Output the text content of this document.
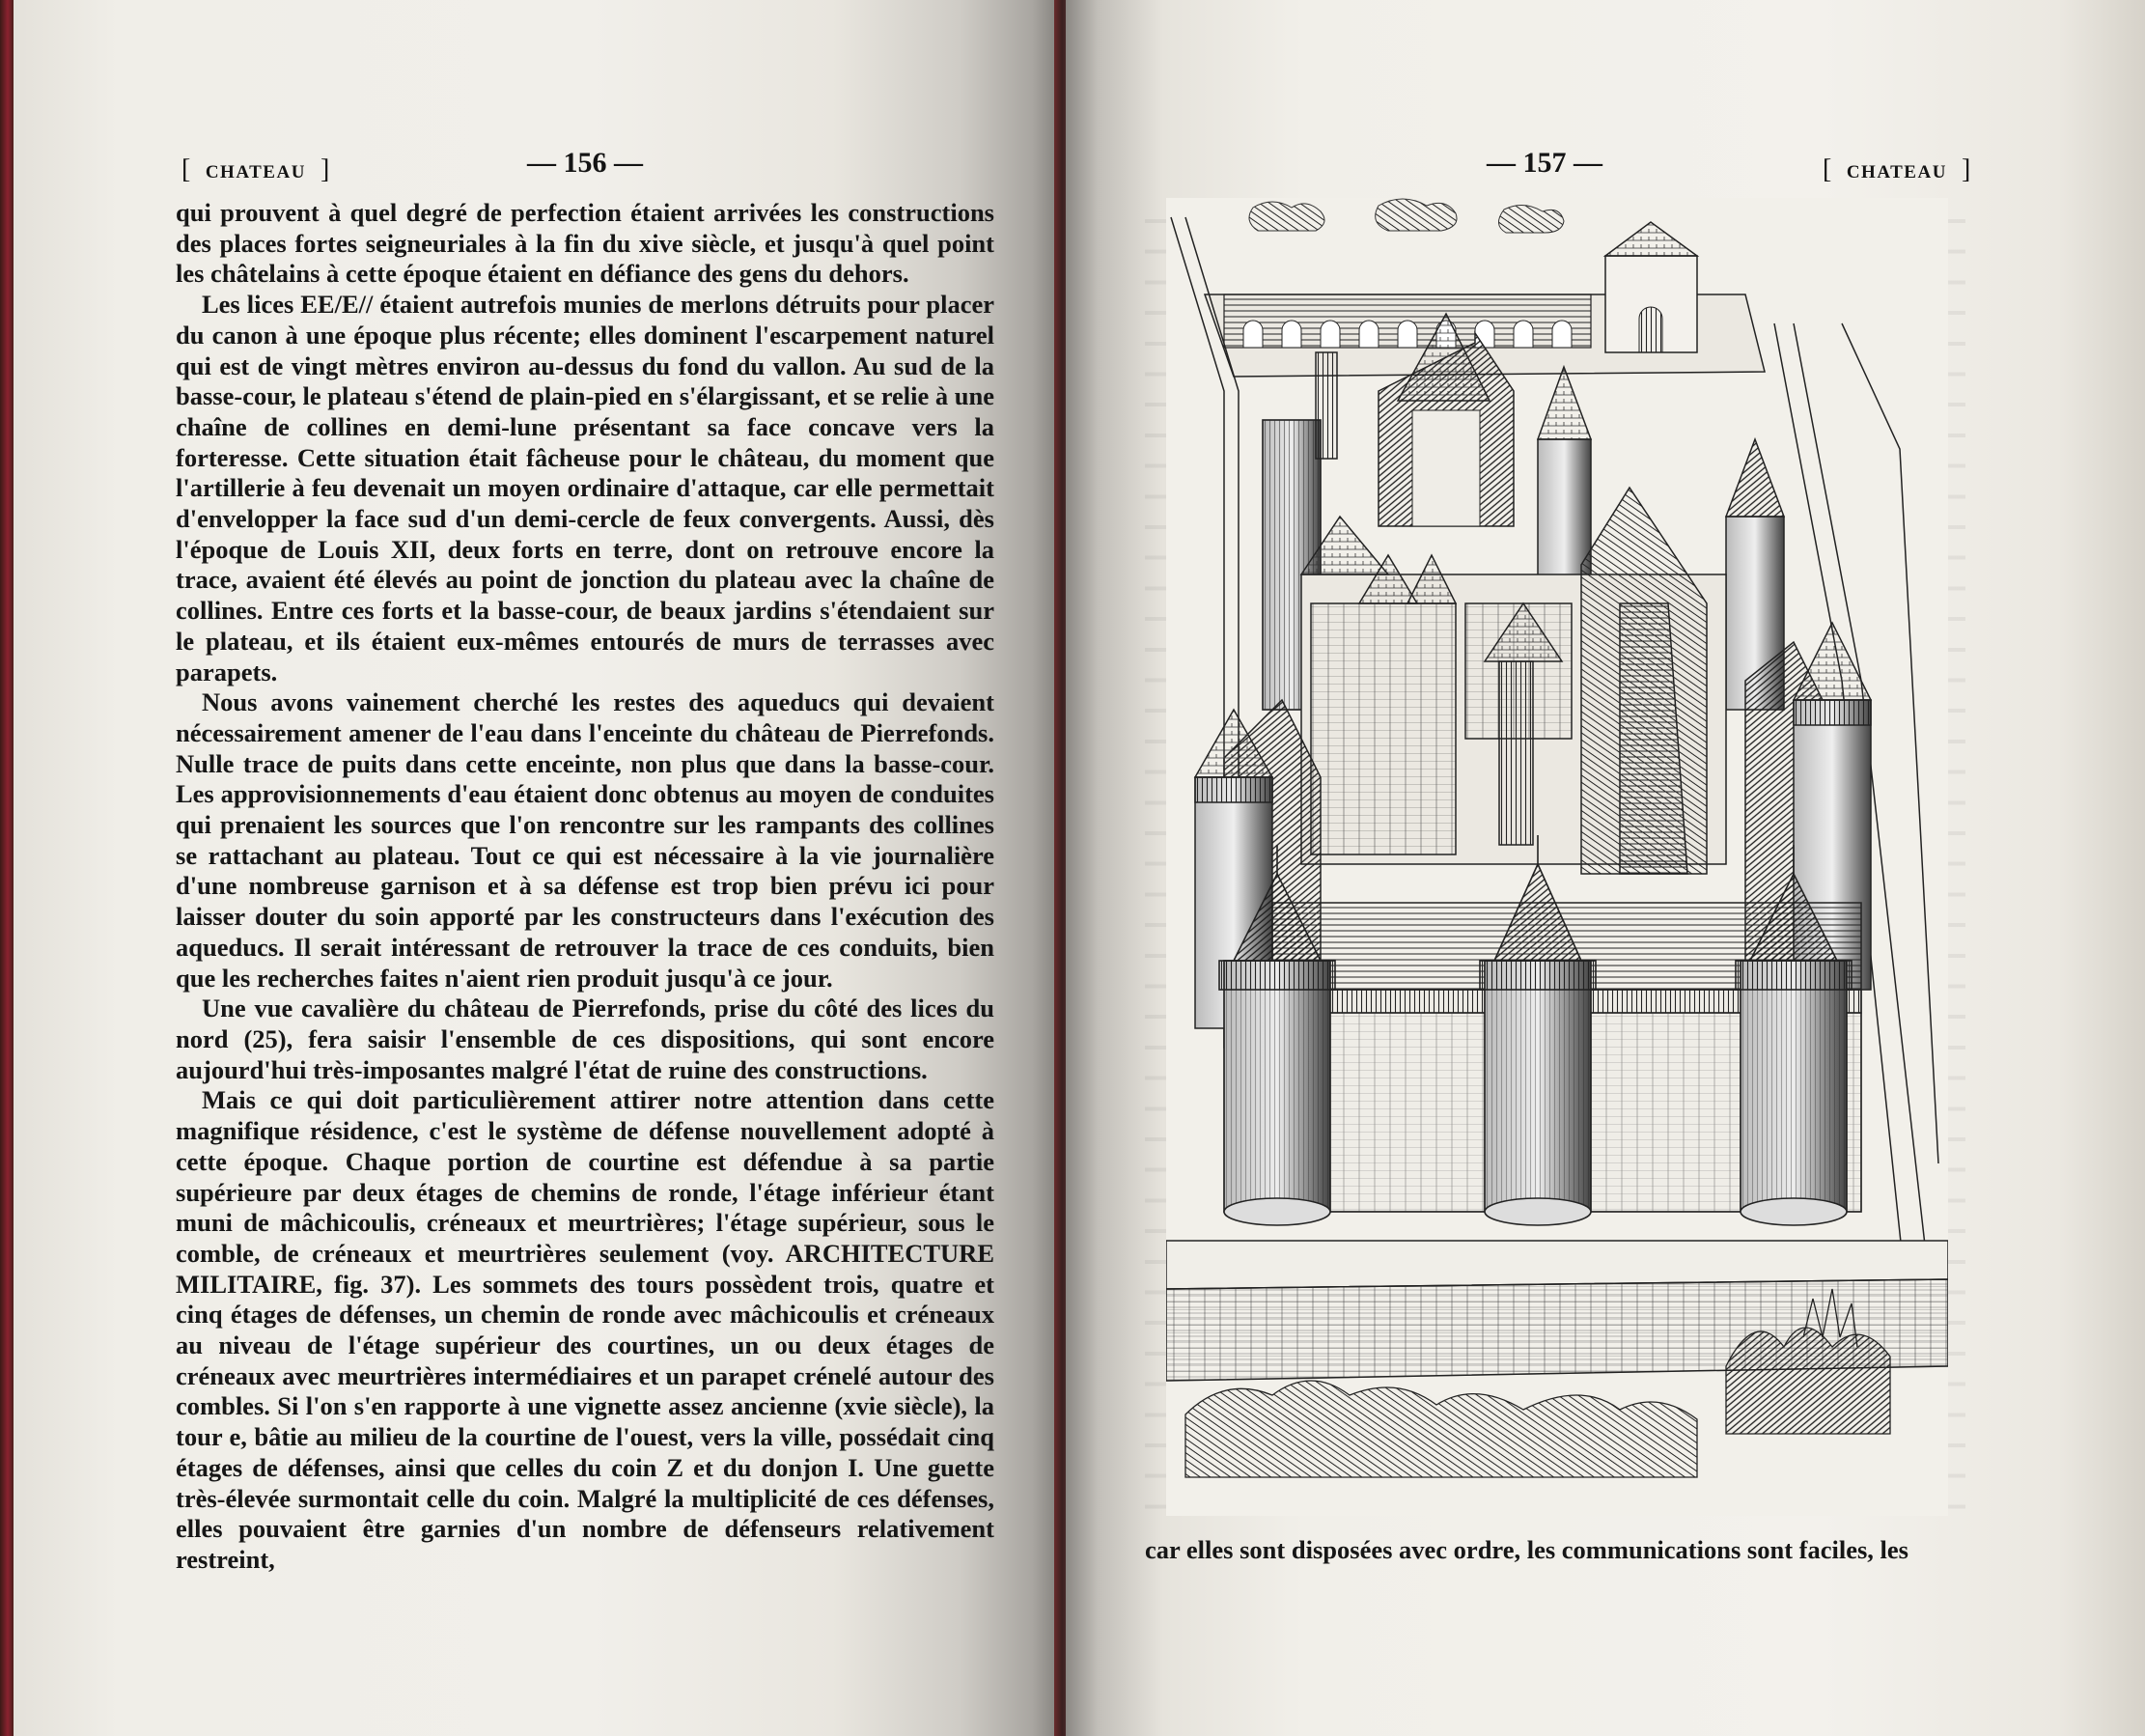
[ CHATEAU ]	— 156 —

qui prouvent à quel degré de perfection étaient arrivées les constructions des places fortes seigneuriales à la fin du xive siècle, et jusqu'à quel point les châtelains à cette époque étaient en défiance des gens du dehors.

Les lices EE/E// étaient autrefois munies de merlons détruits pour placer du canon à une époque plus récente; elles dominent l'escarpement naturel qui est de vingt mètres environ au-dessus du fond du vallon. Au sud de la basse-cour, le plateau s'étend de plain-pied en s'élargissant, et se relie à une chaîne de collines en demi-lune présentant sa face concave vers la forteresse. Cette situation était fâcheuse pour le château, du moment que l'artillerie à feu devenait un moyen ordinaire d'attaque, car elle permettait d'envelopper la face sud d'un demi-cercle de feux convergents. Aussi, dès l'époque de Louis XII, deux forts en terre, dont on retrouve encore la trace, avaient été élevés au point de jonction du plateau avec la chaîne de collines. Entre ces forts et la basse-cour, de beaux jardins s'étendaient sur le plateau, et ils étaient eux-mêmes entourés de murs de terrasses avec parapets.

Nous avons vainement cherché les restes des aqueducs qui devaient nécessairement amener de l'eau dans l'enceinte du château de Pierrefonds. Nulle trace de puits dans cette enceinte, non plus que dans la basse-cour. Les approvisionnements d'eau étaient donc obtenus au moyen de conduites qui prenaient les sources que l'on rencontre sur les rampants des collines se rattachant au plateau. Tout ce qui est nécessaire à la vie journalière d'une nombreuse garnison et à sa défense est trop bien prévu ici pour laisser douter du soin apporté par les constructeurs dans l'exécution des aqueducs. Il serait intéressant de retrouver la trace de ces conduits, bien que les recherches faites n'aient rien produit jusqu'à ce jour.

Une vue cavalière du château de Pierrefonds, prise du côté des lices du nord (25), fera saisir l'ensemble de ces dispositions, qui sont encore aujourd'hui très-imposantes malgré l'état de ruine des constructions.

Mais ce qui doit particulièrement attirer notre attention dans cette magnifique résidence, c'est le système de défense nouvellement adopté à cette époque. Chaque portion de courtine est défendue à sa partie supérieure par deux étages de chemins de ronde, l'étage inférieur étant muni de mâchicoulis, créneaux et meurtrières; l'étage supérieur, sous le comble, de créneaux et meurtrières seulement (voy. ARCHITECTURE MILITAIRE, fig. 37). Les sommets des tours possèdent trois, quatre et cinq étages de défenses, un chemin de ronde avec mâchicoulis et créneaux au niveau de l'étage supérieur des courtines, un ou deux étages de créneaux avec meurtrières intermédiaires et un parapet crénelé autour des combles. Si l'on s'en rapporte à une vignette assez ancienne (xvie siècle), la tour e, bâtie au milieu de la courtine de l'ouest, vers la ville, possédait cinq étages de défenses, ainsi que celles du coin Z et du donjon I. Une guette très-élevée surmontait celle du coin. Malgré la multiplicité de ces défenses, elles pouvaient être garnies d'un nombre de défenseurs relativement restreint,

— 157 —	[ CHATEAU ]
car elles sont disposées avec ordre, les communications sont faciles, les
